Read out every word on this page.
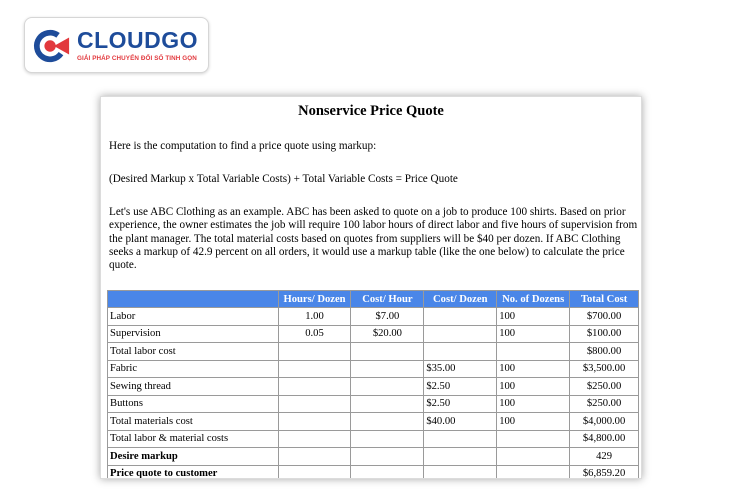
CLOUDGO
GIẢI PHÁP CHUYỂN ĐỔI SỐ TINH GỌN
Nonservice Price Quote

Here is the computation to find a price quote using markup:

(Desired Markup x Total Variable Costs) + Total Variable Costs = Price Quote

Let's use ABC Clothing as an example. ABC has been asked to quote on a job to produce 100 shirts. Based on prior experience, the owner estimates the job will require 100 labor hours of direct labor and five hours of supervision from the plant manager. The total material costs based on quotes from suppliers will be $40 per dozen. If ABC Clothing seeks a markup of 42.9 percent on all orders, it would use a markup table (like the one below) to calculate the price quote.

	Hours/ Dozen	Cost/ Hour	Cost/ Dozen	No. of Dozens	Total Cost
Labor	1.00	$7.00		100	$700.00
Supervision	0.05	$20.00		100	$100.00
Total labor cost					$800.00
Fabric			$35.00	100	$3,500.00
Sewing thread			$2.50	100	$250.00
Buttons			$2.50	100	$250.00
Total materials cost			$40.00	100	$4,000.00
Total labor & material costs					$4,800.00
Desire markup					429
Price quote to customer					$6,859.20
